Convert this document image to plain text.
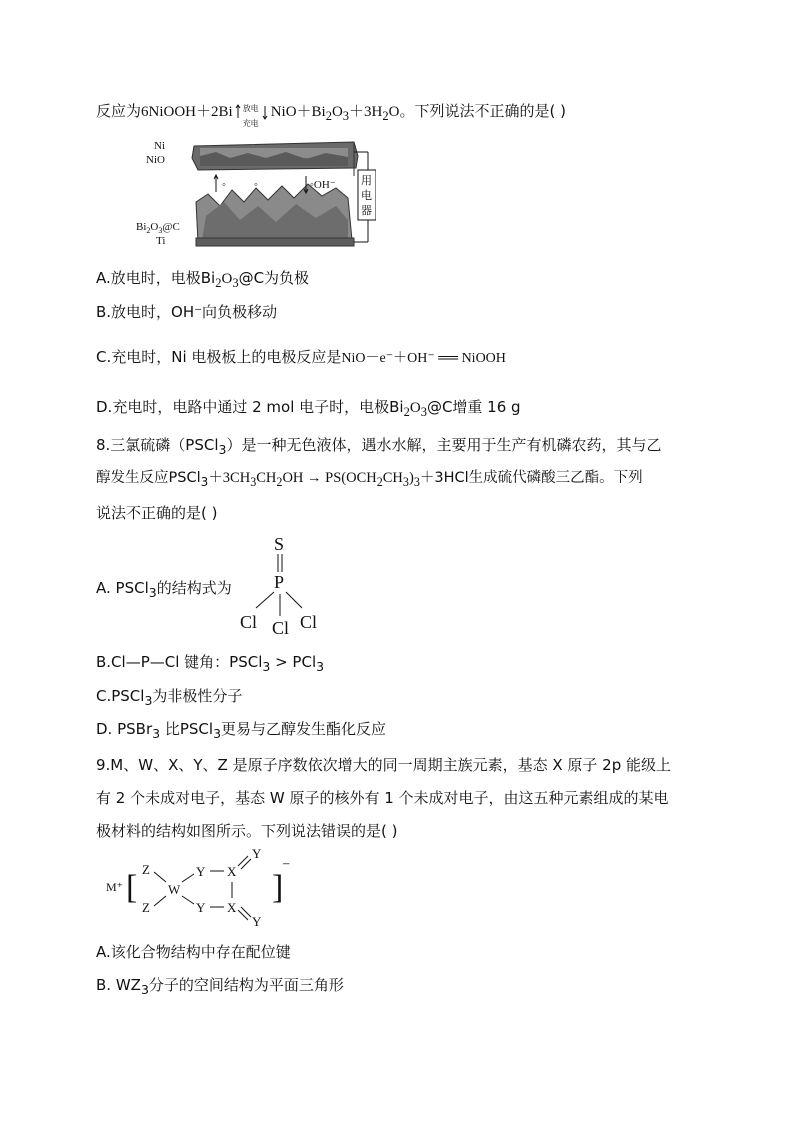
反应为6NiOOH＋2Bi 放电
充电
$NiO+Bi_2O_3+3H_2O$。下列说法不正确的是( )
Ni
NiO
$Bi_2O_3@C$
Ti
◦	◦	◦OH⁻ 用
电
器
A.放电时，电极$Bi_2O_3@C$为负极
B.放电时，OH⁻向负极移动
C.充电时，Ni 电极板上的电极反应是NiO－e⁻＋OH⁻ ══ NiOOH
D.充电时，电路中通过 2 mol 电子时，电极$Bi_2O_3@C$增重 16 g
8.三氯硫磷（PSCl$_3$）是一种无色液体，遇水水解，主要用于生产有机磷农药，其与乙
醇发生反应$PSCl_3+3CH_3CH_2OH \to PS(OCH_2CH_3)_3+3HCl$生成硫代磷酸三乙酯。下列
说法不正确的是( )
A. PSCl$_3$的结构式为
S
P
Cl Cl Cl
B.Cl—P—Cl 键角：PSCl$_3$ > PCl$_3$
C.PSCl$_3$为非极性分子
D. PSBr$_3$ 比PSCl$_3$更易与乙醇发生酯化反应
9.M、W、X、Y、Z 是原子序数依次增大的同一周期主族元素，基态 X 原子 2p 能级上
有 2 个未成对电子，基态 W 原子的核外有 1 个未成对电子，由这五种元素组成的某电
极材料的结构如图所示。下列说法错误的是( )
M⁺ [	]
⁻
Z
Z
W
Y
Y
X
X
Y
Y
A.该化合物结构中存在配位键
B. $WZ_3$分子的空间结构为平面三角形
